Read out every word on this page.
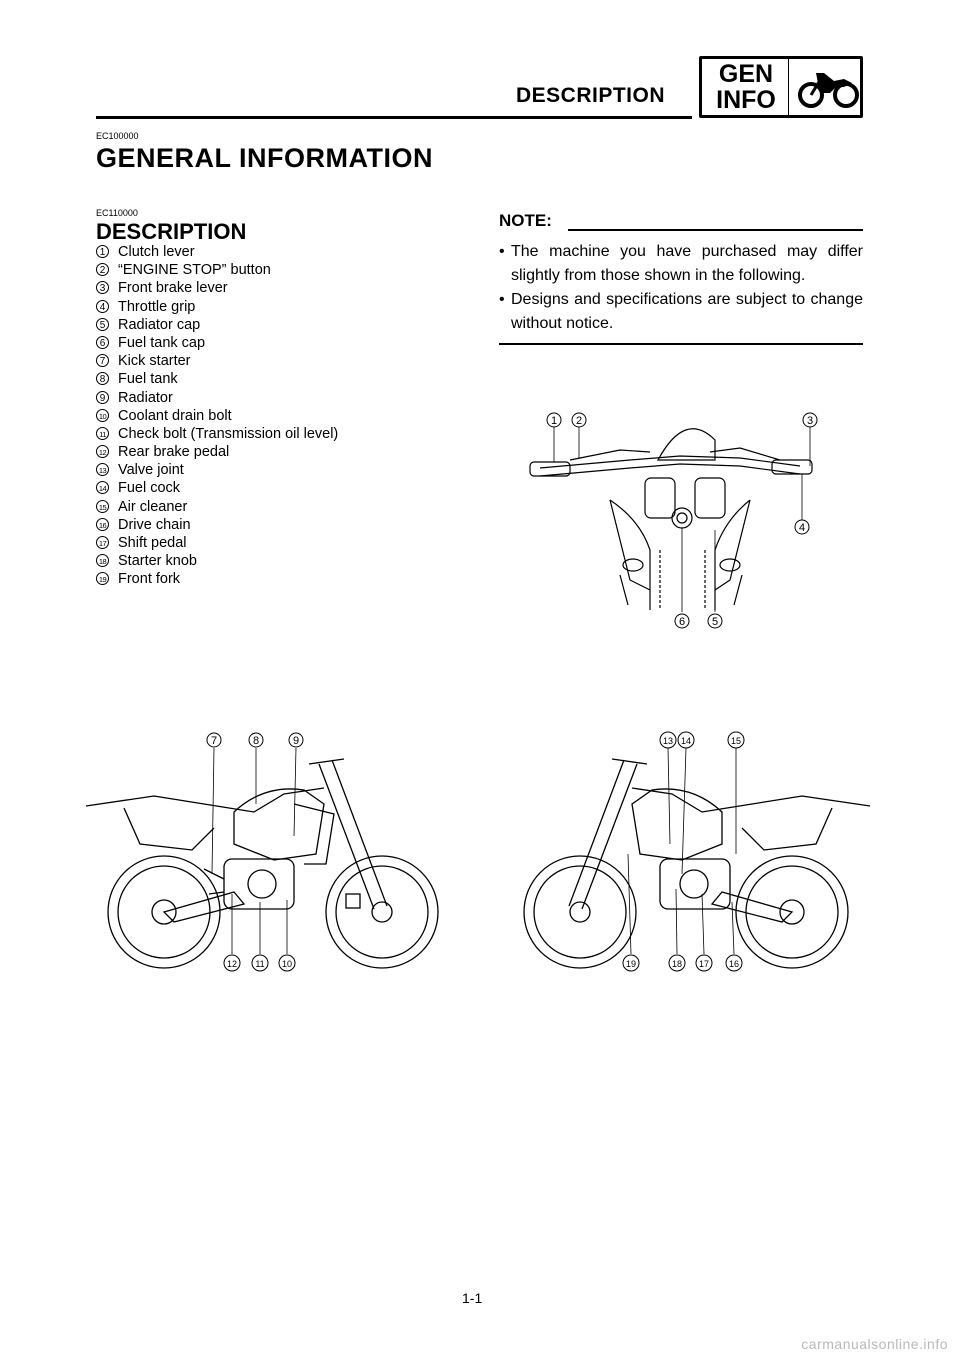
DESCRIPTION
GEN
INFO
EC100000
GENERAL INFORMATION
EC110000
DESCRIPTION
1 Clutch lever
2 “ENGINE STOP” button
3 Front brake lever
4 Throttle grip
5 Radiator cap
6 Fuel tank cap
7 Kick starter
8 Fuel tank
9 Radiator
10 Coolant drain bolt
11 Check bolt (Transmission oil level)
12 Rear brake pedal
13 Valve joint
14 Fuel cock
15 Air cleaner
16 Drive chain
17 Shift pedal
18 Starter knob
19 Front fork
NOTE:
• The machine you have purchased may differ slightly from those shown in the following.
• Designs and specifications are subject to change without notice.
1 2	3
4
6 5
7	8	9
12 11 10
13 14	15
19	18 17 16
1-1
carmanualsonline.info
